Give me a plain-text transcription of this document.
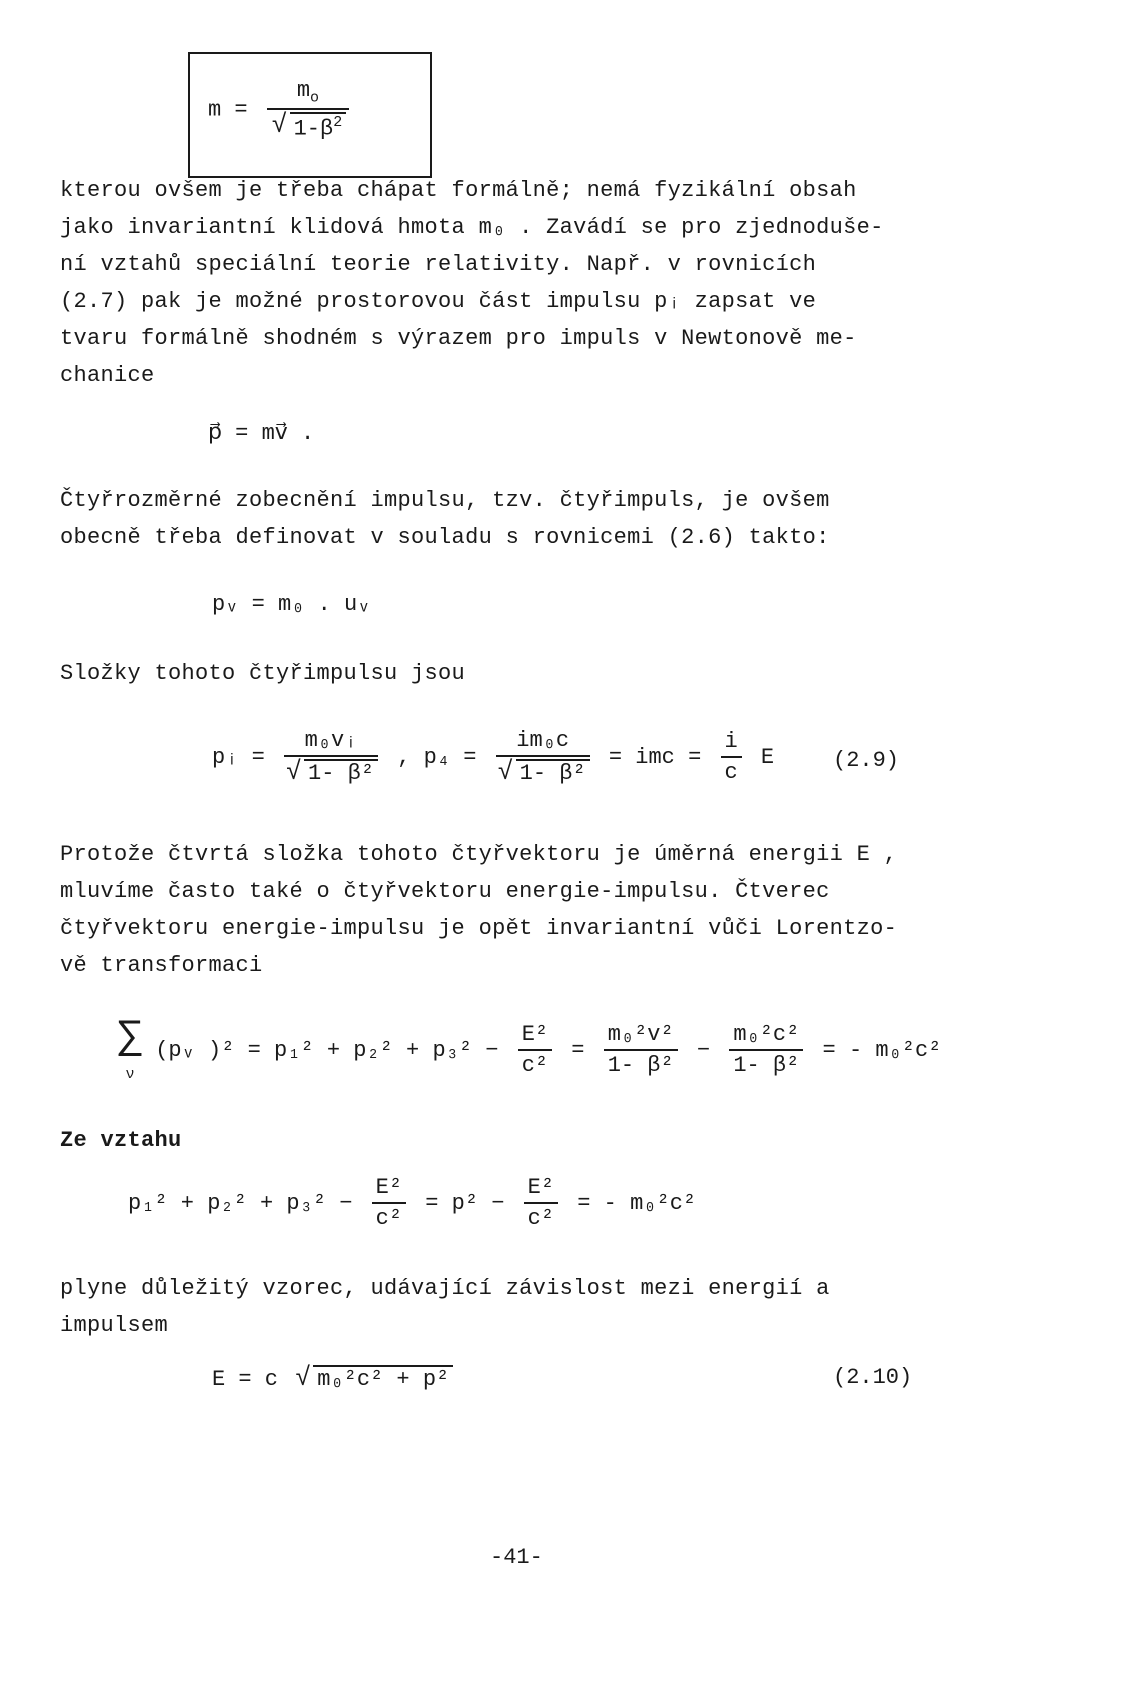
$m = m_o$
√ $1-\beta^2$
kterou ovšem je třeba chápat formálně; nemá fyzikální obsah
jako invariantní klidová hmota m₀ . Zavádí se pro zjednoduše-
ní vztahů speciální teorie relativity. Např. v rovnicích
(2.7) pak je možné prostorovou část impulsu pᵢ zapsat ve
tvaru formálně shodném s výrazem pro impuls v Newtonově me-
chanice
p⃗ = mv⃗ .
Čtyřrozměrné zobecnění impulsu, tzv. čtyřimpuls, je ovšem
obecně třeba definovat v souladu s rovnicemi (2.6) takto:
pᵥ = m₀ . uᵥ
Složky tohoto čtyřimpulsu jsou
pᵢ = m₀vᵢ
√ 1- β² , p₄ = im₀c
√ 1- β² = imc = $\frac{i}{c}$ E	(2.9)
Protože čtvrtá složka tohoto čtyřvektoru je úměrná energii E ,
mluvíme často také o čtyřvektoru energie-impulsu. Čtverec
čtyřvektoru energie-impulsu je opět invariantní vůči Lorentzo-
vě transformaci
∑
ν (pᵥ )$^2 = p_1^2 + p_2^2 + p_3^2 - \frac{\text{E²}}{\text{c²}} = \frac{\text{m₀²v²}}{\text{1- β²}} - \frac{\text{m₀²c²}}{\text{1- β²}}$ = - m₀²c²
Ze vztahu
$p_1^2 + p_2^2 + p_3^2 - \frac{\text{E²}}{\text{c²}} = p^2 - \frac{\text{E²}}{\text{c²}}$ = - m₀²c²
plyne důležitý vzorec, udávající závislost mezi energií a
impulsem
E = c √ m₀²c² + p²	(2.10)
-41-
